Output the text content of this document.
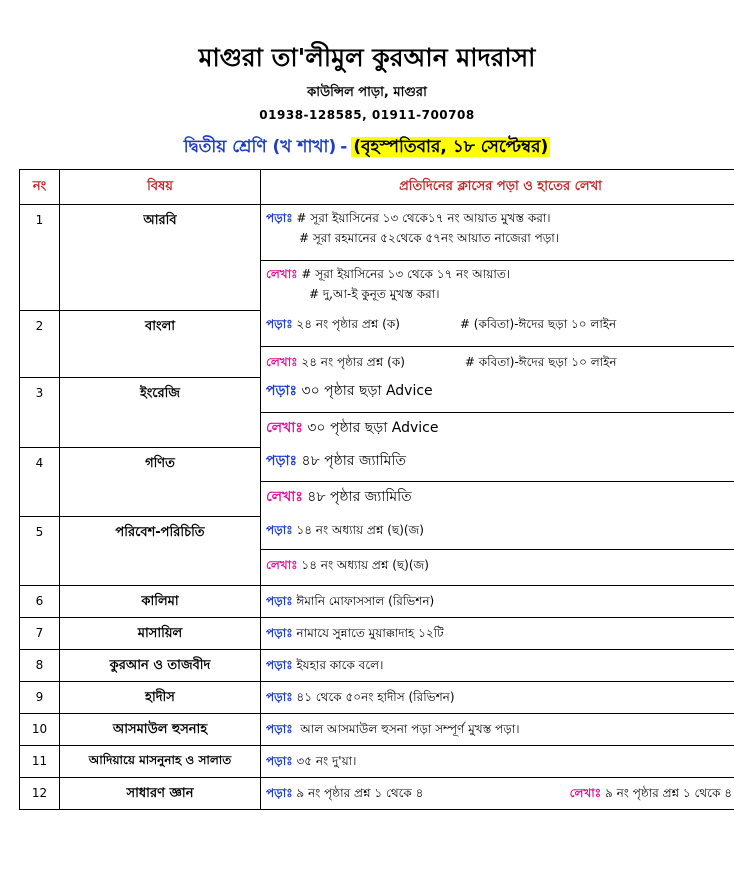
মাগুরা তা'লীমুল কুরআন মাদরাসা
কাউন্সিল পাড়া, মাগুরা
01938-128585, 01911-700708
দ্বিতীয় শ্রেণি (খ শাখা) - (বৃহস্পতিবার, ১৮ সেপ্টেম্বর)
নং	বিষয়	প্রতিদিনের ক্লাসের পড়া ও হাতের লেখা
1	আরবি	পড়াঃ # সূরা ইয়াসিনের ১৩ থেকে১৭ নং আয়াত মুখস্ত করা।
# সূরা রহমানের ৫২থেকে ৫৭নং আয়াত নাজেরা পড়া।
লেখাঃ # সূরা ইয়াসিনের ১৩ থেকে ১৭ নং আয়াত।
# দু,আ-ই কুনূত মুখস্ত করা।

2	বাংলা	পড়াঃ ২৪ নং পৃষ্ঠার প্রশ্ন (ক) # (কবিতা)-ঈদের ছড়া ১০ লাইন
লেখাঃ ২৪ নং পৃষ্ঠার প্রশ্ন (ক) # কবিতা)-ঈদের ছড়া ১০ লাইন

3	ইংরেজি	পড়াঃ ৩০ পৃষ্ঠার ছড়া Advice
লেখাঃ ৩০ পৃষ্ঠার ছড়া Advice

4	গণিত	পড়াঃ ৪৮ পৃষ্ঠার জ্যামিতি
লেখাঃ ৪৮ পৃষ্ঠার জ্যামিতি

5	পরিবেশ-পরিচিতি	পড়াঃ ১৪ নং অধ্যায় প্রশ্ন (ছ)(জ)
লেখাঃ ১৪ নং অধ্যায় প্রশ্ন (ছ)(জ)

6	কালিমা	পড়াঃ ঈমানি মোফাসসাল (রিভিশন)

7	মাসায়িল	পড়াঃ নামাযে সুন্নাতে মুয়াক্কাদাহ ১২টি

8	কুরআন ও তাজবীদ	পড়াঃ ইযহার কাকে বলে।

9	হাদীস	পড়াঃ ৪১ থেকে ৫০নং হাদীস (রিভিশন)

10	আসমাউল হুসনাহ	পড়াঃ আল আসমাউল হুসনা পড়া সম্পূর্ণ মুখস্ত পড়া।

11	আদিয়ায়ে মাসনুনাহ ও সালাত	পড়াঃ ৩৫ নং দু'য়া।

12	সাধারণ জ্ঞান	পড়াঃ ৯ নং পৃষ্ঠার প্রশ্ন ১ থেকে ৪ লেখাঃ ৯ নং পৃষ্ঠার প্রশ্ন ১ থেকে ৪
